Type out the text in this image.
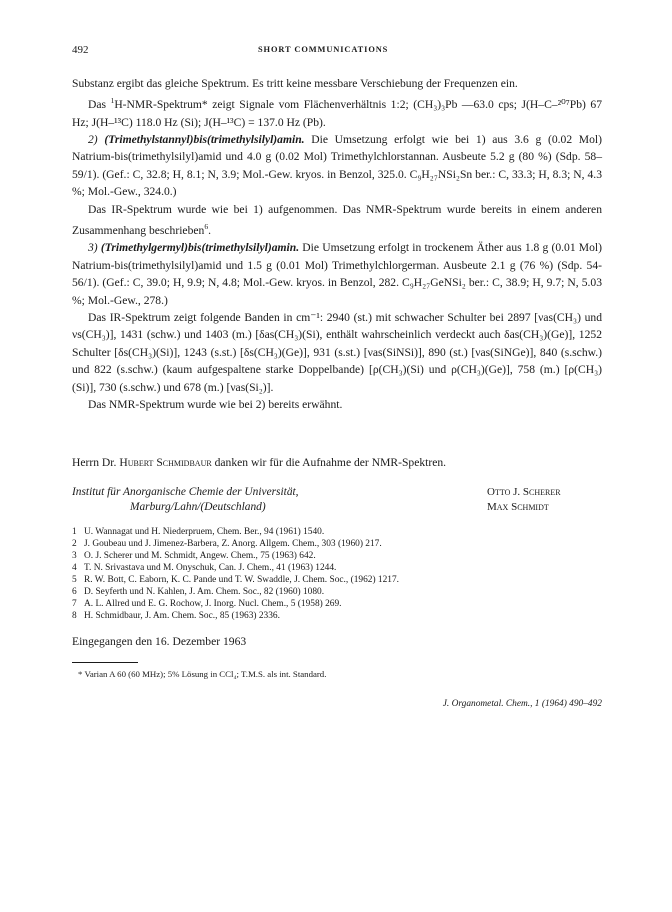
492	SHORT COMMUNICATIONS

Substanz ergibt das gleiche Spektrum. Es tritt keine messbare Verschiebung der Frequenzen ein.

Das $^1$H-NMR-Spektrum* zeigt Signale vom Flächenverhältnis 1:2; (CH₃)₃Pb —63.0 cps; J(H–C–²⁰⁷Pb) 67 Hz; J(H–¹³C) 118.0 Hz (Si); J(H–¹³C) = 137.0 Hz (Pb).

2) (Trimethylstannyl)bis(trimethylsilyl)amin. Die Umsetzung erfolgt wie bei 1) aus 3.6 g (0.02 Mol) Natrium-bis(trimethylsilyl)amid und 4.0 g (0.02 Mol) Trimethylchlorstannan. Ausbeute 5.2 g (80 %) (Sdp. 58–59/1). (Gef.: C, 32.8; H, 8.1; N, 3.9; Mol.-Gew. kryos. in Benzol, 325.0. C₉H₂₇NSi₂Sn ber.: C, 33.3; H, 8.3; N, 4.3 %; Mol.-Gew., 324.0.)

Das IR-Spektrum wurde wie bei 1) aufgenommen. Das NMR-Spektrum wurde bereits in einem anderen Zusammenhang beschrieben$^6$.

3) (Trimethylgermyl)bis(trimethylsilyl)amin. Die Umsetzung erfolgt in trockenem Äther aus 1.8 g (0.01 Mol) Natrium-bis(trimethylsilyl)amid und 1.5 g (0.01 Mol) Trimethylchlorgerman. Ausbeute 2.1 g (76 %) (Sdp. 54-56/1). (Gef.: C, 39.0; H, 9.9; N, 4.8; Mol.-Gew. kryos. in Benzol, 282. C₉H₂₇GeNSi₂ ber.: C, 38.9; H, 9.7; N, 5.03 %; Mol.-Gew., 278.)

Das IR-Spektrum zeigt folgende Banden in cm⁻¹: 2940 (st.) mit schwacher Schulter bei 2897 [νas(CH₃) und νs(CH₃)], 1431 (schw.) und 1403 (m.) [δas(CH₃)(Si), enthält wahrscheinlich verdeckt auch δas(CH₃)(Ge)], 1252 Schulter [δs(CH₃)(Si)], 1243 (s.st.) [δs(CH₃)(Ge)], 931 (s.st.) [νas(SiNSi)], 890 (st.) [νas(SiNGe)], 840 (s.schw.) und 822 (s.schw.) (kaum aufgespaltene starke Doppelbande) [ρ(CH₃)(Si) und ρ(CH₃)(Ge)], 758 (m.) [ρ(CH₃)(Si)], 730 (s.schw.) und 678 (m.) [νas(Si₂)].

Das NMR-Spektrum wurde wie bei 2) bereits erwähnt.

Herrn Dr. Hubert Schmidbaur danken wir für die Aufnahme der NMR-Spektren.
Institut für Anorganische Chemie der Universität,
Marburg/Lahn/(Deutschland)
Otto J. Scherer
Max Schmidt
1 U. Wannagat und H. Niederpruem, Chem. Ber., 94 (1961) 1540.
2 J. Goubeau und J. Jimenez-Barbera, Z. Anorg. Allgem. Chem., 303 (1960) 217.
3 O. J. Scherer und M. Schmidt, Angew. Chem., 75 (1963) 642.
4 T. N. Srivastava und M. Onyschuk, Can. J. Chem., 41 (1963) 1244.
5 R. W. Bott, C. Eaborn, K. C. Pande und T. W. Swaddle, J. Chem. Soc., (1962) 1217.
6 D. Seyferth und N. Kahlen, J. Am. Chem. Soc., 82 (1960) 1080.
7 A. L. Allred und E. G. Rochow, J. Inorg. Nucl. Chem., 5 (1958) 269.
8 H. Schmidbaur, J. Am. Chem. Soc., 85 (1963) 2336.
Eingegangen den 16. Dezember 1963
* Varian A 60 (60 MHz); 5% Lösung in CCl₄; T.M.S. als int. Standard.
J. Organometal. Chem., 1 (1964) 490–492
